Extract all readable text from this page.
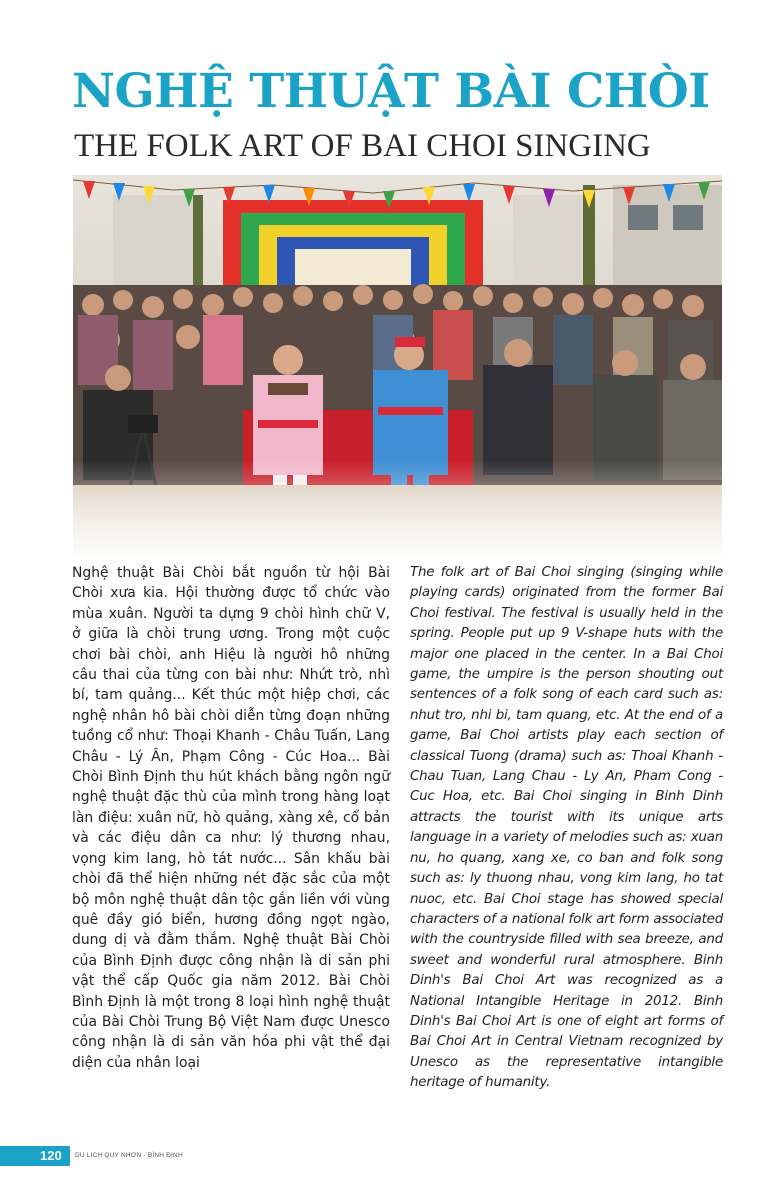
NGHỆ THUẬT BÀI CHÒI
THE FOLK ART OF BAI CHOI SINGING
Nghệ thuật Bài Chòi bắt nguồn từ hội Bài Chòi xưa kia. Hội thường được tổ chức vào mùa xuân. Người ta dựng 9 chòi hình chữ V, ở giữa là chòi trung ương. Trong một cuộc chơi bài chòi, anh Hiệu là người hô những câu thai của từng con bài như: Nhứt trò, nhì bí, tam quảng... Kết thúc một hiệp chơi, các nghệ nhân hô bài chòi diễn từng đoạn những tuồng cổ như: Thoại Khanh - Châu Tuấn, Lang Châu - Lý Ân, Phạm Công - Cúc Hoa... Bài Chòi Bình Định thu hút khách bằng ngôn ngữ nghệ thuật đặc thù của mình trong hàng loạt làn điệu: xuân nữ, hò quảng, xàng xê, cổ bản và các điệu dân ca như: lý thương nhau, vọng kim lang, hò tát nước... Sân khấu bài chòi đã thể hiện những nét đặc sắc của một bộ môn nghệ thuật dân tộc gắn liền với vùng quê đầy gió biển, hương đồng ngọt ngào, dung dị và đằm thắm. Nghệ thuật Bài Chòi của Bình Định được công nhận là di sản phi vật thể cấp Quốc gia năm 2012. Bài Chòi Bình Định là một trong 8 loại hình nghệ thuật của Bài Chòi Trung Bộ Việt Nam được Unesco công nhận là di sản văn hóa phi vật thể đại diện của nhân loại
The folk art of Bai Choi singing (singing while playing cards) originated from the former Bai Choi festival. The festival is usually held in the spring. People put up 9 V-shape huts with the major one placed in the center. In a Bai Choi game, the umpire is the person shouting out sentences of a folk song of each card such as: nhut tro, nhi bi, tam quang, etc. At the end of a game, Bai Choi artists play each section of classical Tuong (drama) such as: Thoai Khanh - Chau Tuan, Lang Chau - Ly An, Pham Cong - Cuc Hoa, etc. Bai Choi singing in Binh Dinh attracts the tourist with its unique arts language in a variety of melodies such as: xuan nu, ho quang, xang xe, co ban and folk song such as: ly thuong nhau, vong kim lang, ho tat nuoc, etc. Bai Choi stage has showed special characters of a national folk art form associated with the countryside filled with sea breeze, and sweet and wonderful rural atmosphere. Binh Dinh's Bai Choi Art was recognized as a National Intangible Heritage in 2012. Binh Dinh's Bai Choi Art is one of eight art forms of Bai Choi Art in Central Vietnam recognized by Unesco as the representative intangible heritage of humanity.
120 DU LỊCH QUY NHƠN - BÌNH ĐỊNH
